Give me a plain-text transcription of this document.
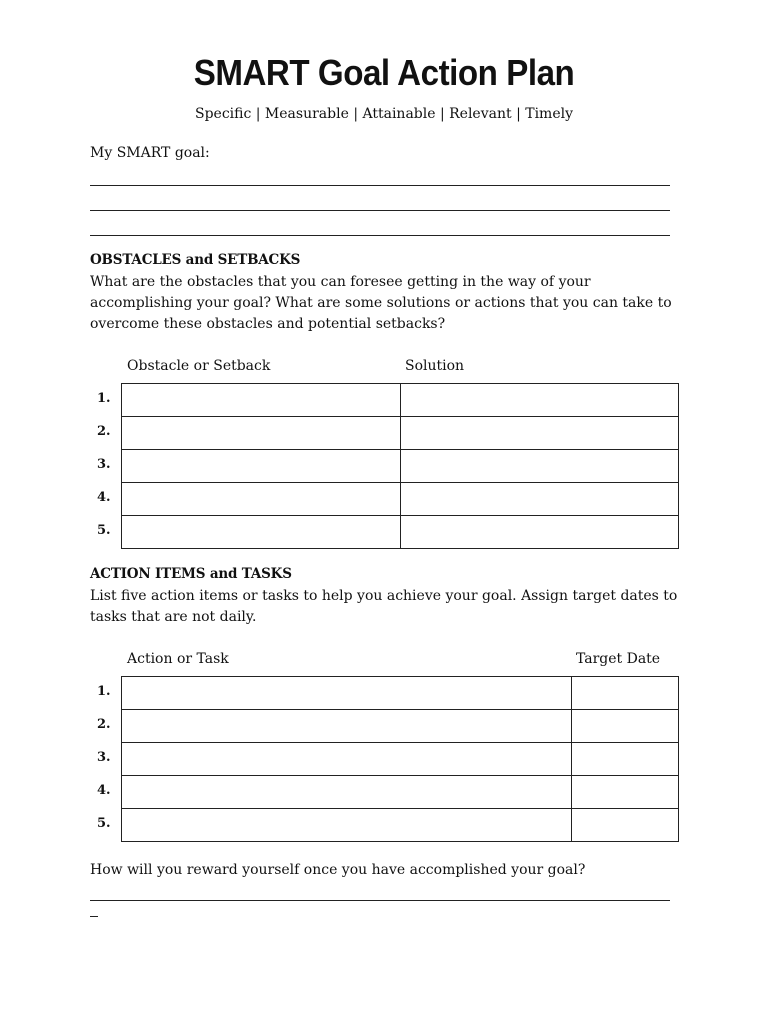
SMART Goal Action Plan
Specific | Measurable | Attainable | Relevant | Timely
My SMART goal:
OBSTACLES and SETBACKS
What are the obstacles that you can foresee getting in the way of your accomplishing your goal? What are some solutions or actions that you can take to overcome these obstacles and potential setbacks?
Obstacle or Setback	Solution
1.
2.
3.
4.
5.

ACTION ITEMS and TASKS
List five action items or tasks to help you achieve your goal. Assign target dates to tasks that are not daily.
Action or Task	Target Date
1.
2.
3.
4.
5.

How will you reward yourself once you have accomplished your goal?
